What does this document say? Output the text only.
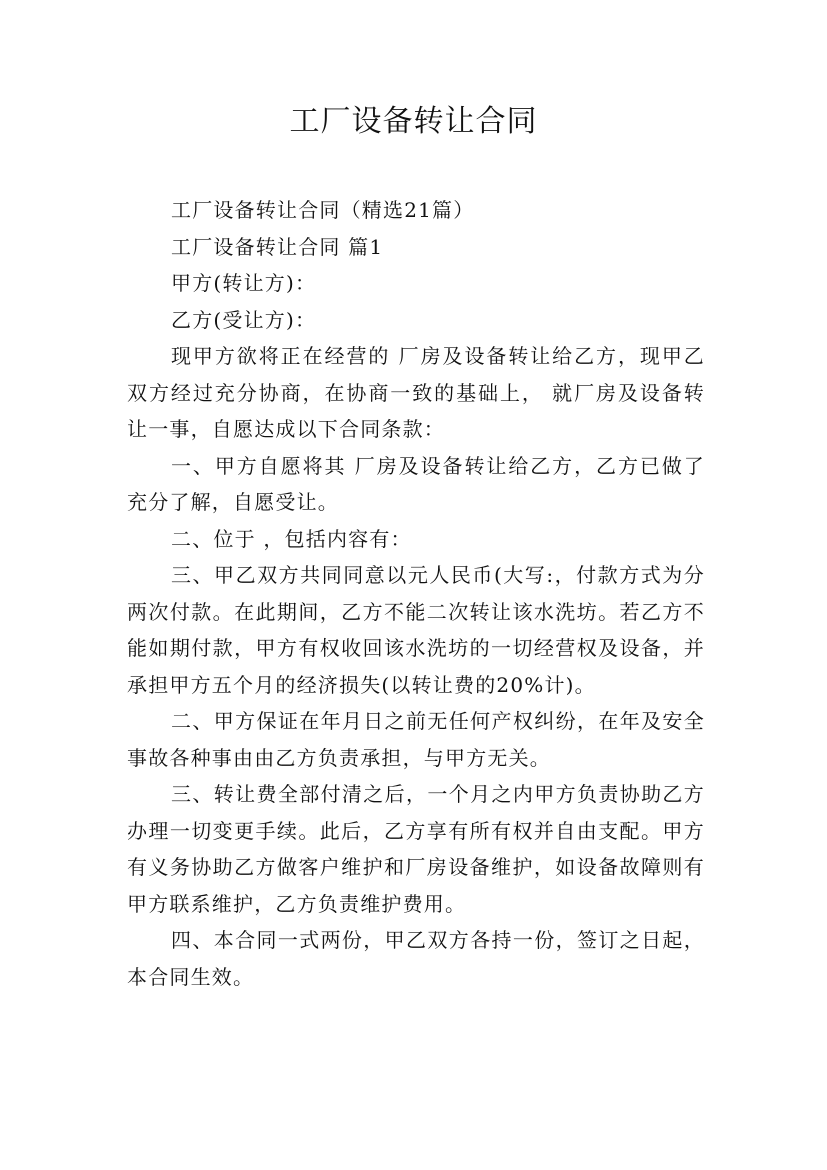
工厂设备转让合同

工厂设备转让合同（精选21篇）

工厂设备转让合同 篇1

甲方(转让方)：

乙方(受让方)：

现甲方欲将正在经营的 厂房及设备转让给乙方，现甲乙双方经过充分协商，在协商一致的基础上， 就厂房及设备转让一事，自愿达成以下合同条款：

一、甲方自愿将其 厂房及设备转让给乙方，乙方已做了充分了解，自愿受让。

二、位于 ，包括内容有：

三、甲乙双方共同同意以元人民币(大写:，付款方式为分两次付款。在此期间，乙方不能二次转让该水洗坊。若乙方不能如期付款，甲方有权收回该水洗坊的一切经营权及设备，并承担甲方五个月的经济损失(以转让费的20%计)。

二、甲方保证在年月日之前无任何产权纠纷，在年及安全事故各种事由由乙方负责承担，与甲方无关。

三、转让费全部付清之后，一个月之内甲方负责协助乙方办理一切变更手续。此后，乙方享有所有权并自由支配。甲方有义务协助乙方做客户维护和厂房设备维护，如设备故障则有甲方联系维护，乙方负责维护费用。

四、本合同一式两份，甲乙双方各持一份，签订之日起，本合同生效。
